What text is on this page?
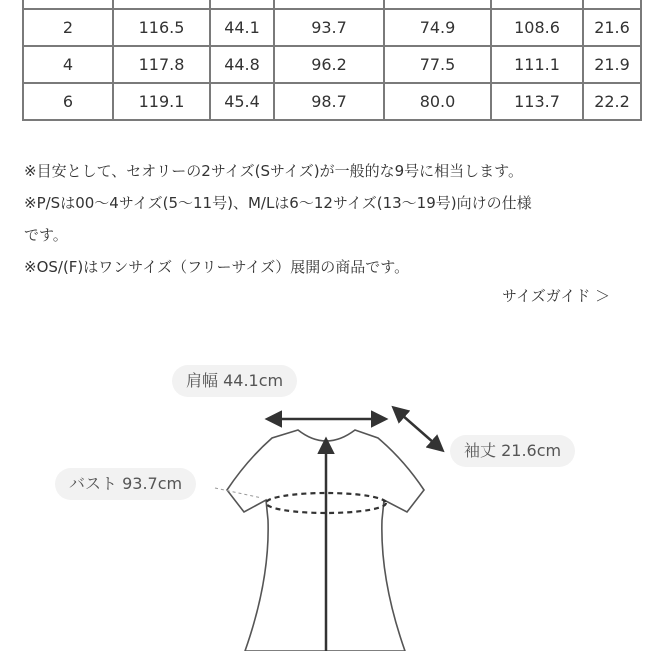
2	116.5	44.1	93.7	74.9	108.6	21.6
4	117.8	44.8	96.2	77.5	111.1	21.9
6	119.1	45.4	98.7	80.0	113.7	22.2

※目安として、セオリーの2サイズ(Sサイズ)が一般的な9号に相当します。

※P/Sは00〜4サイズ(5〜11号)、M/Lは6〜12サイズ(13〜19号)向けの仕様

です。

※OS/(F)はワンサイズ（フリーサイズ）展開の商品です。

サイズガイド ＞
肩幅 44.1cm
袖丈 21.6cm
バスト 93.7cm
